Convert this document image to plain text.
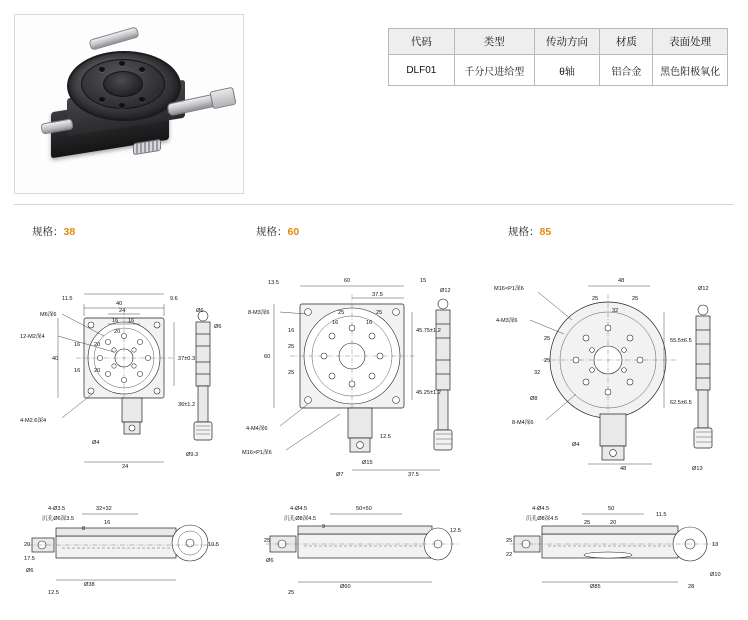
代码	类型	传动方向	材质	表面处理
DLF01	千分尺进给型	θ轴	铝合金	黑色阳极氧化
规格：38	规格：60	规格：85
40
11.5	9.6
24
16 16
20
20
16
16 20
40	37±0.3
36±1.2
M6深6
12-M2深4
4-M2.6深4
Ø4
Ø9.3
Ø6
Ø6
24
4-Ø3.5
沉孔Ø6深3.5
32×32
16
8
20
17.5
Ø6
Ø38
10.5
12.5
13.5	60	15
37.5
Ø12
8-M3深6	25	25
16	16
16
25
25
60
45.75±1.2
45.25±1.2
4-M4深6
M16×P1深6
Ø15
Ø7	37.5
12.5
4-Ø4.5
沉孔Ø8深4.5
50×50
9
25
Ø6
Ø60
12.5
25
M16×P1深6
48
Ø12
25	25
32
4-M3深6
25
25
32
55.5±6.5
62.5±6.5
Ø8
8-M4深6
Ø4
48	Ø13
4-Ø4.5
沉孔Ø8深4.5
50
25	20
11.5
25
22
13
Ø85	28
Ø10
